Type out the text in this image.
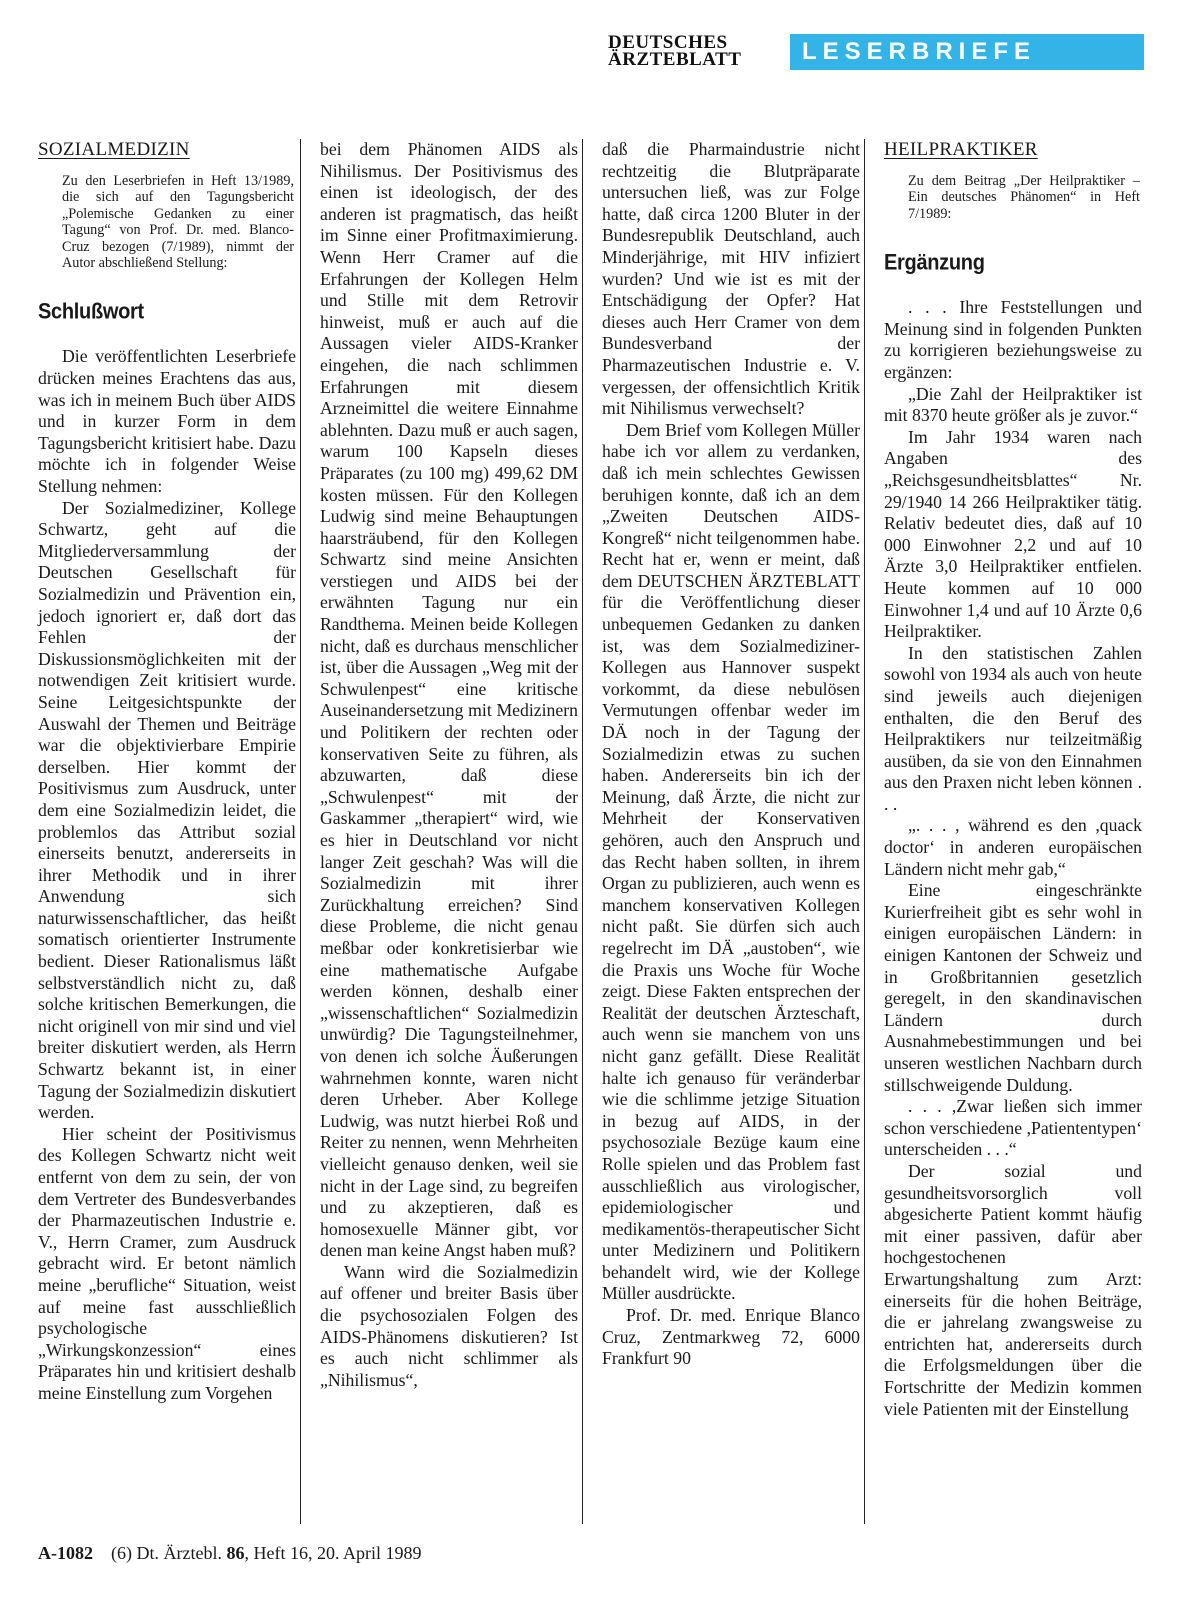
DEUTSCHES
ÄRZTEBLATT	LESERBRIEFE
SOZIALMEDIZIN
Zu den Leserbriefen in Heft 13/1989, die sich auf den Tagungsbericht „Polemische Gedanken zu einer Tagung“ von Prof. Dr. med. Blanco-Cruz bezogen (7/1989), nimmt der Autor abschließend Stellung:
Schlußwort

Die veröffentlichten Leserbriefe drücken meines Erachtens das aus, was ich in meinem Buch über AIDS und in kurzer Form in dem Tagungsbericht kritisiert habe. Dazu möchte ich in folgender Weise Stellung nehmen:

Der Sozialmediziner, Kollege Schwartz, geht auf die Mitgliederversammlung der Deutschen Gesellschaft für Sozialmedizin und Prävention ein, jedoch ignoriert er, daß dort das Fehlen der Diskussionsmöglichkeiten mit der notwendigen Zeit kritisiert wurde. Seine Leitgesichtspunkte der Auswahl der Themen und Beiträge war die objektivierbare Empirie derselben. Hier kommt der Positivismus zum Ausdruck, unter dem eine Sozialmedizin leidet, die problemlos das Attribut sozial einerseits benutzt, andererseits in ihrer Methodik und in ihrer Anwendung sich naturwissenschaftlicher, das heißt somatisch orientierter Instrumente bedient. Dieser Rationalismus läßt selbstverständlich nicht zu, daß solche kritischen Bemerkungen, die nicht originell von mir sind und viel breiter diskutiert werden, als Herrn Schwartz bekannt ist, in einer Tagung der Sozialmedizin diskutiert werden.

Hier scheint der Positivismus des Kollegen Schwartz nicht weit entfernt von dem zu sein, der von dem Vertreter des Bundesverbandes der Pharmazeutischen Industrie e. V., Herrn Cramer, zum Ausdruck gebracht wird. Er betont nämlich meine „berufliche“ Situation, weist auf meine fast ausschließlich psychologische „Wirkungskonzession“ eines Präparates hin und kritisiert deshalb meine Einstellung zum Vorgehen

bei dem Phänomen AIDS als Nihilismus. Der Positivismus des einen ist ideologisch, der des anderen ist pragmatisch, das heißt im Sinne einer Profitmaximierung. Wenn Herr Cramer auf die Erfahrungen der Kollegen Helm und Stille mit dem Retrovir hinweist, muß er auch auf die Aussagen vieler AIDS-Kranker eingehen, die nach schlimmen Erfahrungen mit diesem Arzneimittel die weitere Einnahme ablehnten. Dazu muß er auch sagen, warum 100 Kapseln dieses Präparates (zu 100 mg) 499,62 DM kosten müssen. Für den Kollegen Ludwig sind meine Behauptungen haarsträubend, für den Kollegen Schwartz sind meine Ansichten verstiegen und AIDS bei der erwähnten Tagung nur ein Randthema. Meinen beide Kollegen nicht, daß es durchaus menschlicher ist, über die Aussagen „Weg mit der Schwulenpest“ eine kritische Auseinandersetzung mit Medizinern und Politikern der rechten oder konservativen Seite zu führen, als abzuwarten, daß diese „Schwulenpest“ mit der Gaskammer „therapiert“ wird, wie es hier in Deutschland vor nicht langer Zeit geschah? Was will die Sozialmedizin mit ihrer Zurückhaltung erreichen? Sind diese Probleme, die nicht genau meßbar oder konkretisierbar wie eine mathematische Aufgabe werden können, deshalb einer „wissenschaftlichen“ Sozialmedizin unwürdig? Die Tagungsteilnehmer, von denen ich solche Äußerungen wahrnehmen konnte, waren nicht deren Urheber. Aber Kollege Ludwig, was nutzt hierbei Roß und Reiter zu nennen, wenn Mehrheiten vielleicht genauso denken, weil sie nicht in der Lage sind, zu begreifen und zu akzeptieren, daß es homosexuelle Männer gibt, vor denen man keine Angst haben muß?

Wann wird die Sozialmedizin auf offener und breiter Basis über die psychosozialen Folgen des AIDS-Phänomens diskutieren? Ist es auch nicht schlimmer als „Nihilismus“,

daß die Pharmaindustrie nicht rechtzeitig die Blutpräparate untersuchen ließ, was zur Folge hatte, daß circa 1200 Bluter in der Bundesrepublik Deutschland, auch Minderjährige, mit HIV infiziert wurden? Und wie ist es mit der Entschädigung der Opfer? Hat dieses auch Herr Cramer von dem Bundesverband der Pharmazeutischen Industrie e. V. vergessen, der offensichtlich Kritik mit Nihilismus verwechselt?

Dem Brief vom Kollegen Müller habe ich vor allem zu verdanken, daß ich mein schlechtes Gewissen beruhigen konnte, daß ich an dem „Zweiten Deutschen AIDS-Kongreß“ nicht teilgenommen habe. Recht hat er, wenn er meint, daß dem DEUTSCHEN ÄRZTEBLATT für die Veröffentlichung dieser unbequemen Gedanken zu danken ist, was dem Sozialmediziner-Kollegen aus Hannover suspekt vorkommt, da diese nebulösen Vermutungen offenbar weder im DÄ noch in der Tagung der Sozialmedizin etwas zu suchen haben. Andererseits bin ich der Meinung, daß Ärzte, die nicht zur Mehrheit der Konservativen gehören, auch den Anspruch und das Recht haben sollten, in ihrem Organ zu publizieren, auch wenn es manchem konservativen Kollegen nicht paßt. Sie dürfen sich auch regelrecht im DÄ „austoben“, wie die Praxis uns Woche für Woche zeigt. Diese Fakten entsprechen der Realität der deutschen Ärzteschaft, auch wenn sie manchem von uns nicht ganz gefällt. Diese Realität halte ich genauso für veränderbar wie die schlimme jetzige Situation in bezug auf AIDS, in der psychosoziale Bezüge kaum eine Rolle spielen und das Problem fast ausschließlich aus virologischer, epidemiologischer und medikamentös-therapeutischer Sicht unter Medizinern und Politikern behandelt wird, wie der Kollege Müller ausdrückte.

Prof. Dr. med. Enrique Blanco Cruz, Zentmarkweg 72, 6000 Frankfurt 90

HEILPRAKTIKER
Zu dem Beitrag „Der Heilpraktiker – Ein deutsches Phänomen“ in Heft 7/1989:
Ergänzung

. . . Ihre Feststellungen und Meinung sind in folgenden Punkten zu korrigieren beziehungsweise zu ergänzen:

„Die Zahl der Heilpraktiker ist mit 8370 heute größer als je zuvor.“

Im Jahr 1934 waren nach Angaben des „Reichsgesundheitsblattes“ Nr. 29/1940 14 266 Heilpraktiker tätig. Relativ bedeutet dies, daß auf 10 000 Einwohner 2,2 und auf 10 Ärzte 3,0 Heilpraktiker entfielen. Heute kommen auf 10 000 Einwohner 1,4 und auf 10 Ärzte 0,6 Heilpraktiker.

In den statistischen Zahlen sowohl von 1934 als auch von heute sind jeweils auch diejenigen enthalten, die den Beruf des Heilpraktikers nur teilzeitmäßig ausüben, da sie von den Einnahmen aus den Praxen nicht leben können . . .

„. . . , während es den ,quack doctor‘ in anderen europäischen Ländern nicht mehr gab,“

Eine eingeschränkte Kurierfreiheit gibt es sehr wohl in einigen europäischen Ländern: in einigen Kantonen der Schweiz und in Großbritannien gesetzlich geregelt, in den skandinavischen Ländern durch Ausnahmebestimmungen und bei unseren westlichen Nachbarn durch stillschweigende Duldung.

. . . ,Zwar ließen sich immer schon verschiedene ,Patiententypen‘ unterscheiden . . .“

Der sozial und gesundheitsvorsorglich voll abgesicherte Patient kommt häufig mit einer passiven, dafür aber hochgestochenen Erwartungshaltung zum Arzt: einerseits für die hohen Beiträge, die er jahrelang zwangsweise zu entrichten hat, andererseits durch die Erfolgsmeldungen über die Fortschritte der Medizin kommen viele Patienten mit der Einstellung

A-1082 (6) Dt. Ärztebl. 86, Heft 16, 20. April 1989
